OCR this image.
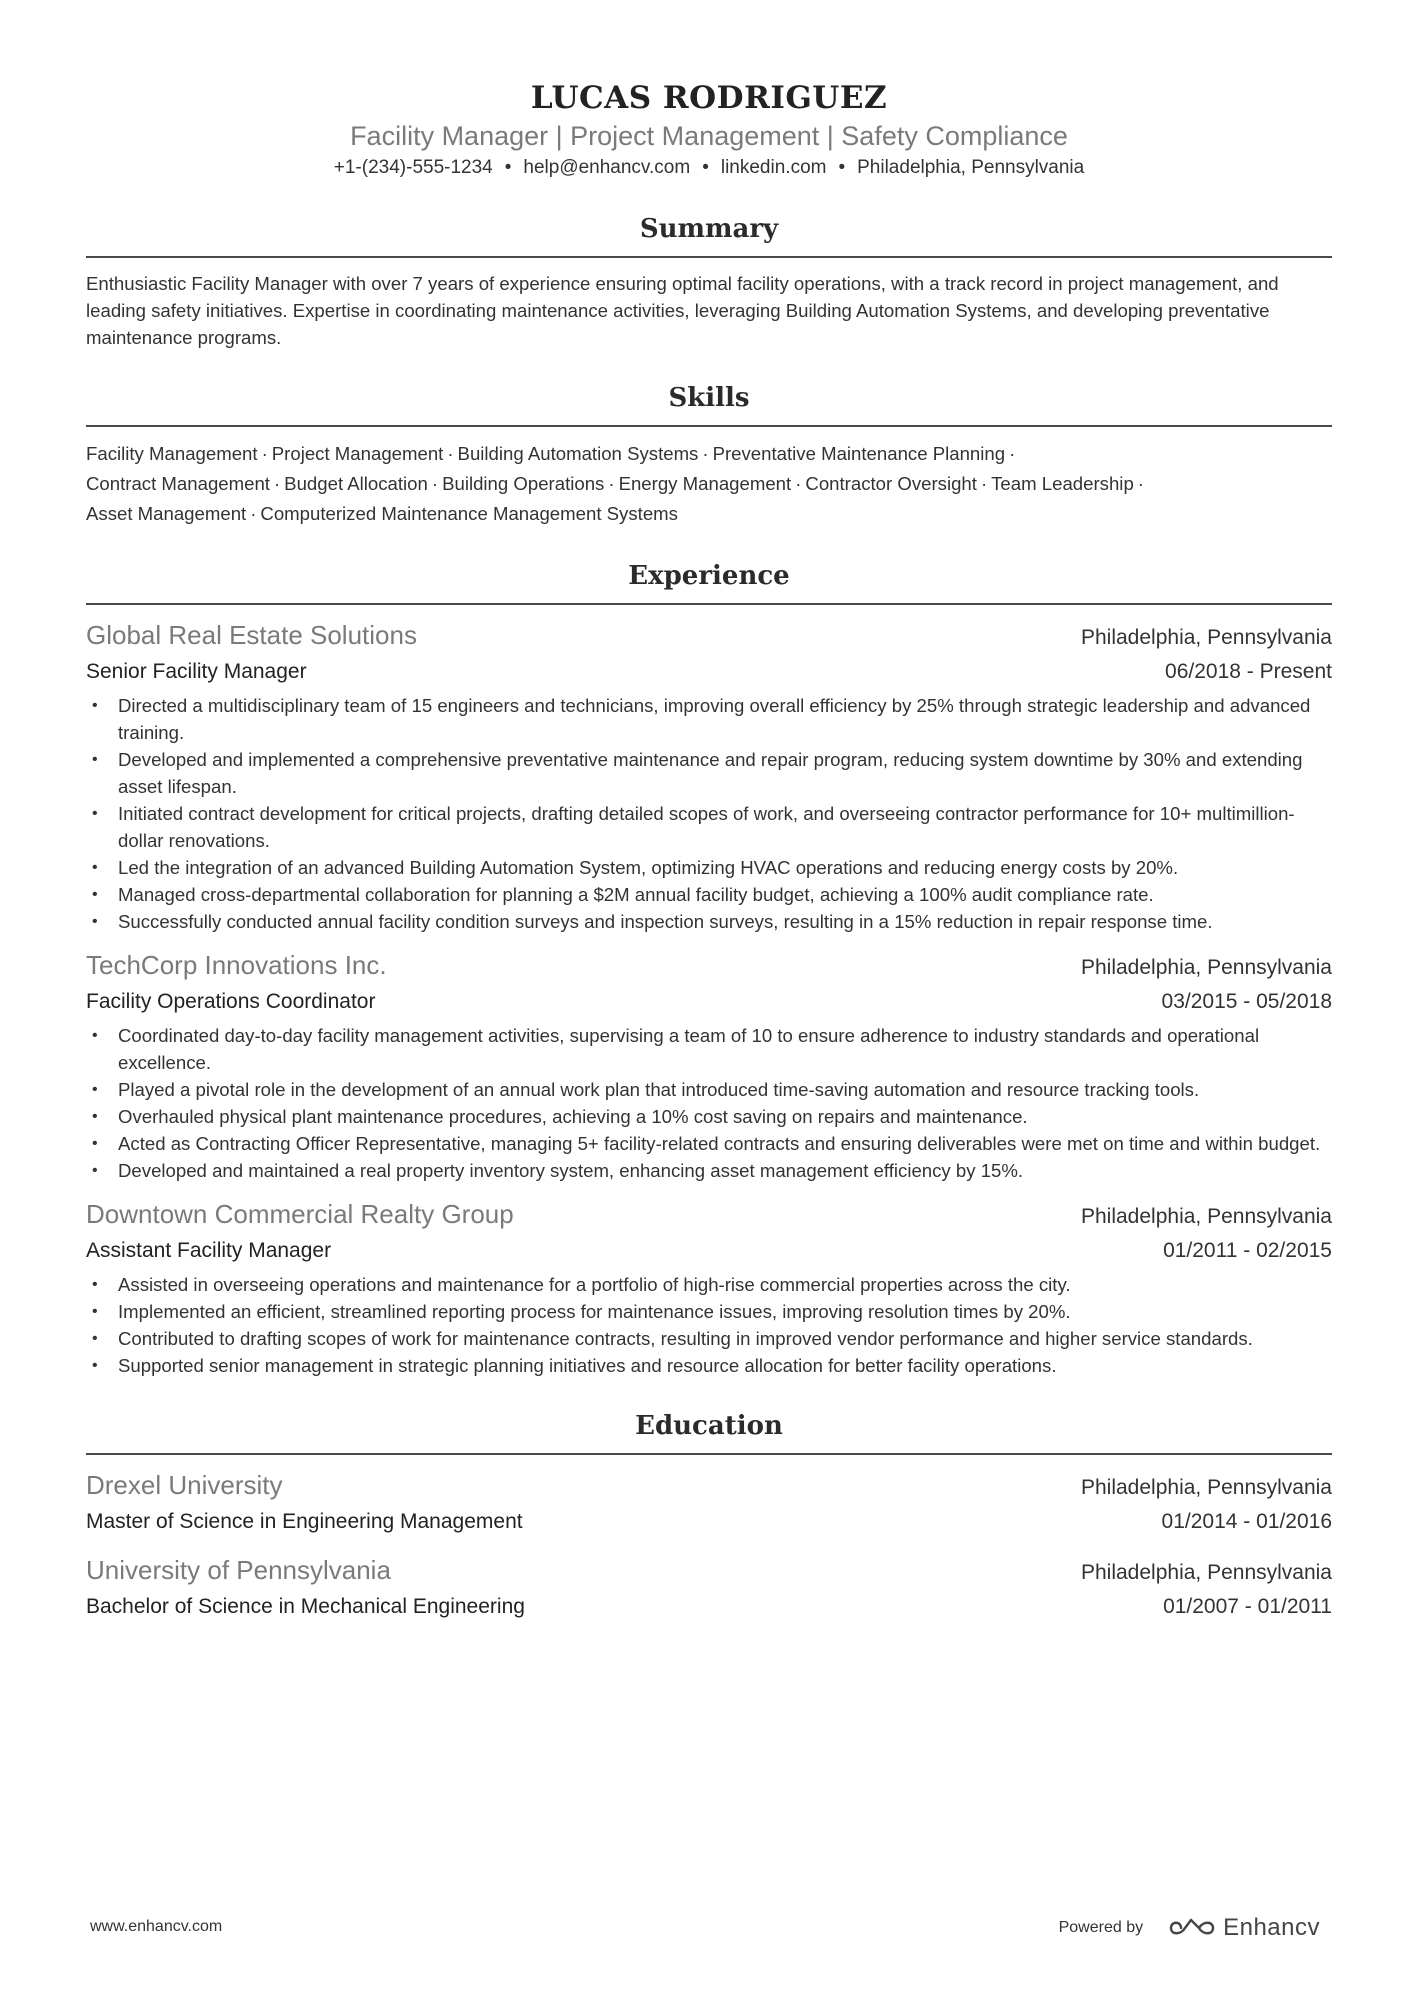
LUCAS RODRIGUEZ
Facility Manager | Project Management | Safety Compliance
+1-(234)-555-1234 • help@enhancv.com • linkedin.com • Philadelphia, Pennsylvania
Summary
Enthusiastic Facility Manager with over 7 years of experience ensuring optimal facility operations, with a track record in project management, and leading safety initiatives. Expertise in coordinating maintenance activities, leveraging Building Automation Systems, and developing preventative maintenance programs.
Skills
Facility Management · Project Management · Building Automation Systems · Preventative Maintenance Planning ·
Contract Management · Budget Allocation · Building Operations · Energy Management · Contractor Oversight · Team Leadership ·
Asset Management · Computerized Maintenance Management Systems
Experience
Global Real Estate Solutions	Philadelphia, Pennsylvania
Senior Facility Manager	06/2018 - Present
• Directed a multidisciplinary team of 15 engineers and technicians, improving overall efficiency by 25% through strategic leadership and advanced training.
• Developed and implemented a comprehensive preventative maintenance and repair program, reducing system downtime by 30% and extending asset lifespan.
• Initiated contract development for critical projects, drafting detailed scopes of work, and overseeing contractor performance for 10+ multimillion-dollar renovations.
• Led the integration of an advanced Building Automation System, optimizing HVAC operations and reducing energy costs by 20%.
• Managed cross-departmental collaboration for planning a $2M annual facility budget, achieving a 100% audit compliance rate.
• Successfully conducted annual facility condition surveys and inspection surveys, resulting in a 15% reduction in repair response time.
TechCorp Innovations Inc.	Philadelphia, Pennsylvania
Facility Operations Coordinator	03/2015 - 05/2018
• Coordinated day-to-day facility management activities, supervising a team of 10 to ensure adherence to industry standards and operational excellence.
• Played a pivotal role in the development of an annual work plan that introduced time-saving automation and resource tracking tools.
• Overhauled physical plant maintenance procedures, achieving a 10% cost saving on repairs and maintenance.
• Acted as Contracting Officer Representative, managing 5+ facility-related contracts and ensuring deliverables were met on time and within budget.
• Developed and maintained a real property inventory system, enhancing asset management efficiency by 15%.
Downtown Commercial Realty Group	Philadelphia, Pennsylvania
Assistant Facility Manager	01/2011 - 02/2015
• Assisted in overseeing operations and maintenance for a portfolio of high-rise commercial properties across the city.
• Implemented an efficient, streamlined reporting process for maintenance issues, improving resolution times by 20%.
• Contributed to drafting scopes of work for maintenance contracts, resulting in improved vendor performance and higher service standards.
• Supported senior management in strategic planning initiatives and resource allocation for better facility operations.
Education
Drexel University	Philadelphia, Pennsylvania
Master of Science in Engineering Management	01/2014 - 01/2016
University of Pennsylvania	Philadelphia, Pennsylvania
Bachelor of Science in Mechanical Engineering	01/2007 - 01/2011
www.enhancv.com	Powered by	Enhancv
